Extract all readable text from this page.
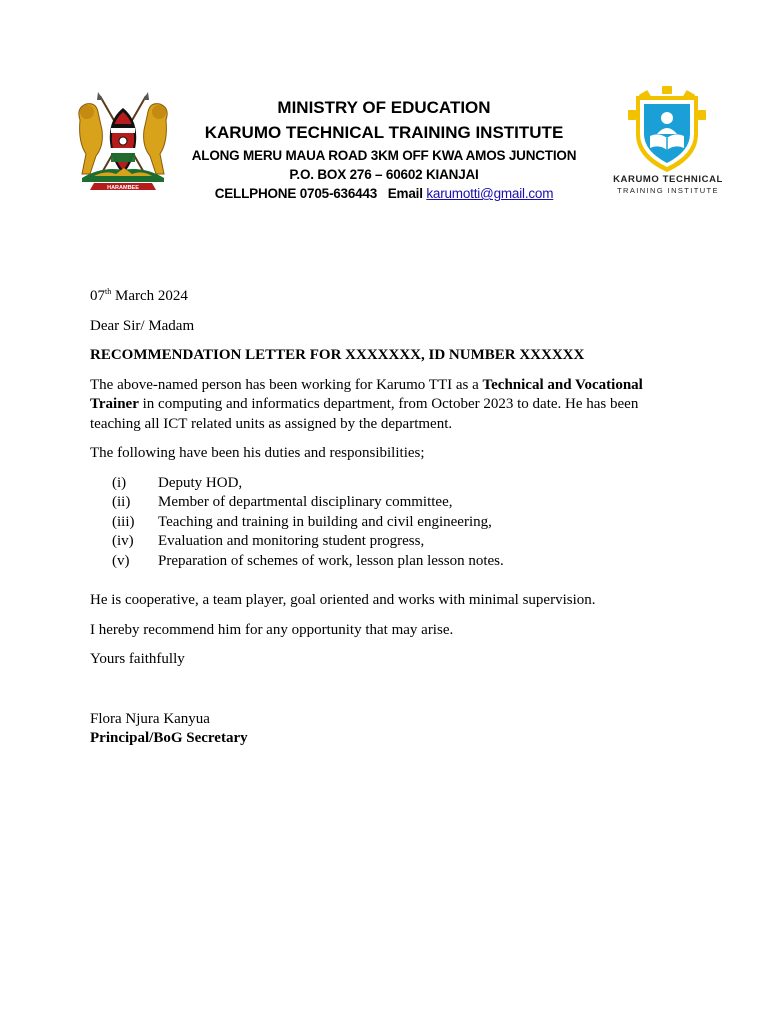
HARAMBEE
MINISTRY OF EDUCATION
KARUMO TECHNICAL TRAINING INSTITUTE
ALONG MERU MAUA ROAD 3KM OFF KWA AMOS JUNCTION
P.O. BOX 276 – 60602 KIANJAI
CELLPHONE 0705-636443 Email karumotti@gmail.com
KARUMO TECHNICAL
TRAINING INSTITUTE

07th March 2024

Dear Sir/ Madam

RECOMMENDATION LETTER FOR XXXXXXX, ID NUMBER XXXXXX

The above-named person has been working for Karumo TTI as a Technical and Vocational Trainer in computing and informatics department, from October 2023 to date. He has been teaching all ICT related units as assigned by the department.

The following have been his duties and responsibilities;

(i)	Deputy HOD,
(ii)	Member of departmental disciplinary committee,
(iii)	Teaching and training in building and civil engineering,
(iv)	Evaluation and monitoring student progress,
(v)	Preparation of schemes of work, lesson plan lesson notes.

He is cooperative, a team player, goal oriented and works with minimal supervision.

I hereby recommend him for any opportunity that may arise.

Yours faithfully

Flora Njura Kanyua
Principal/BoG Secretary
